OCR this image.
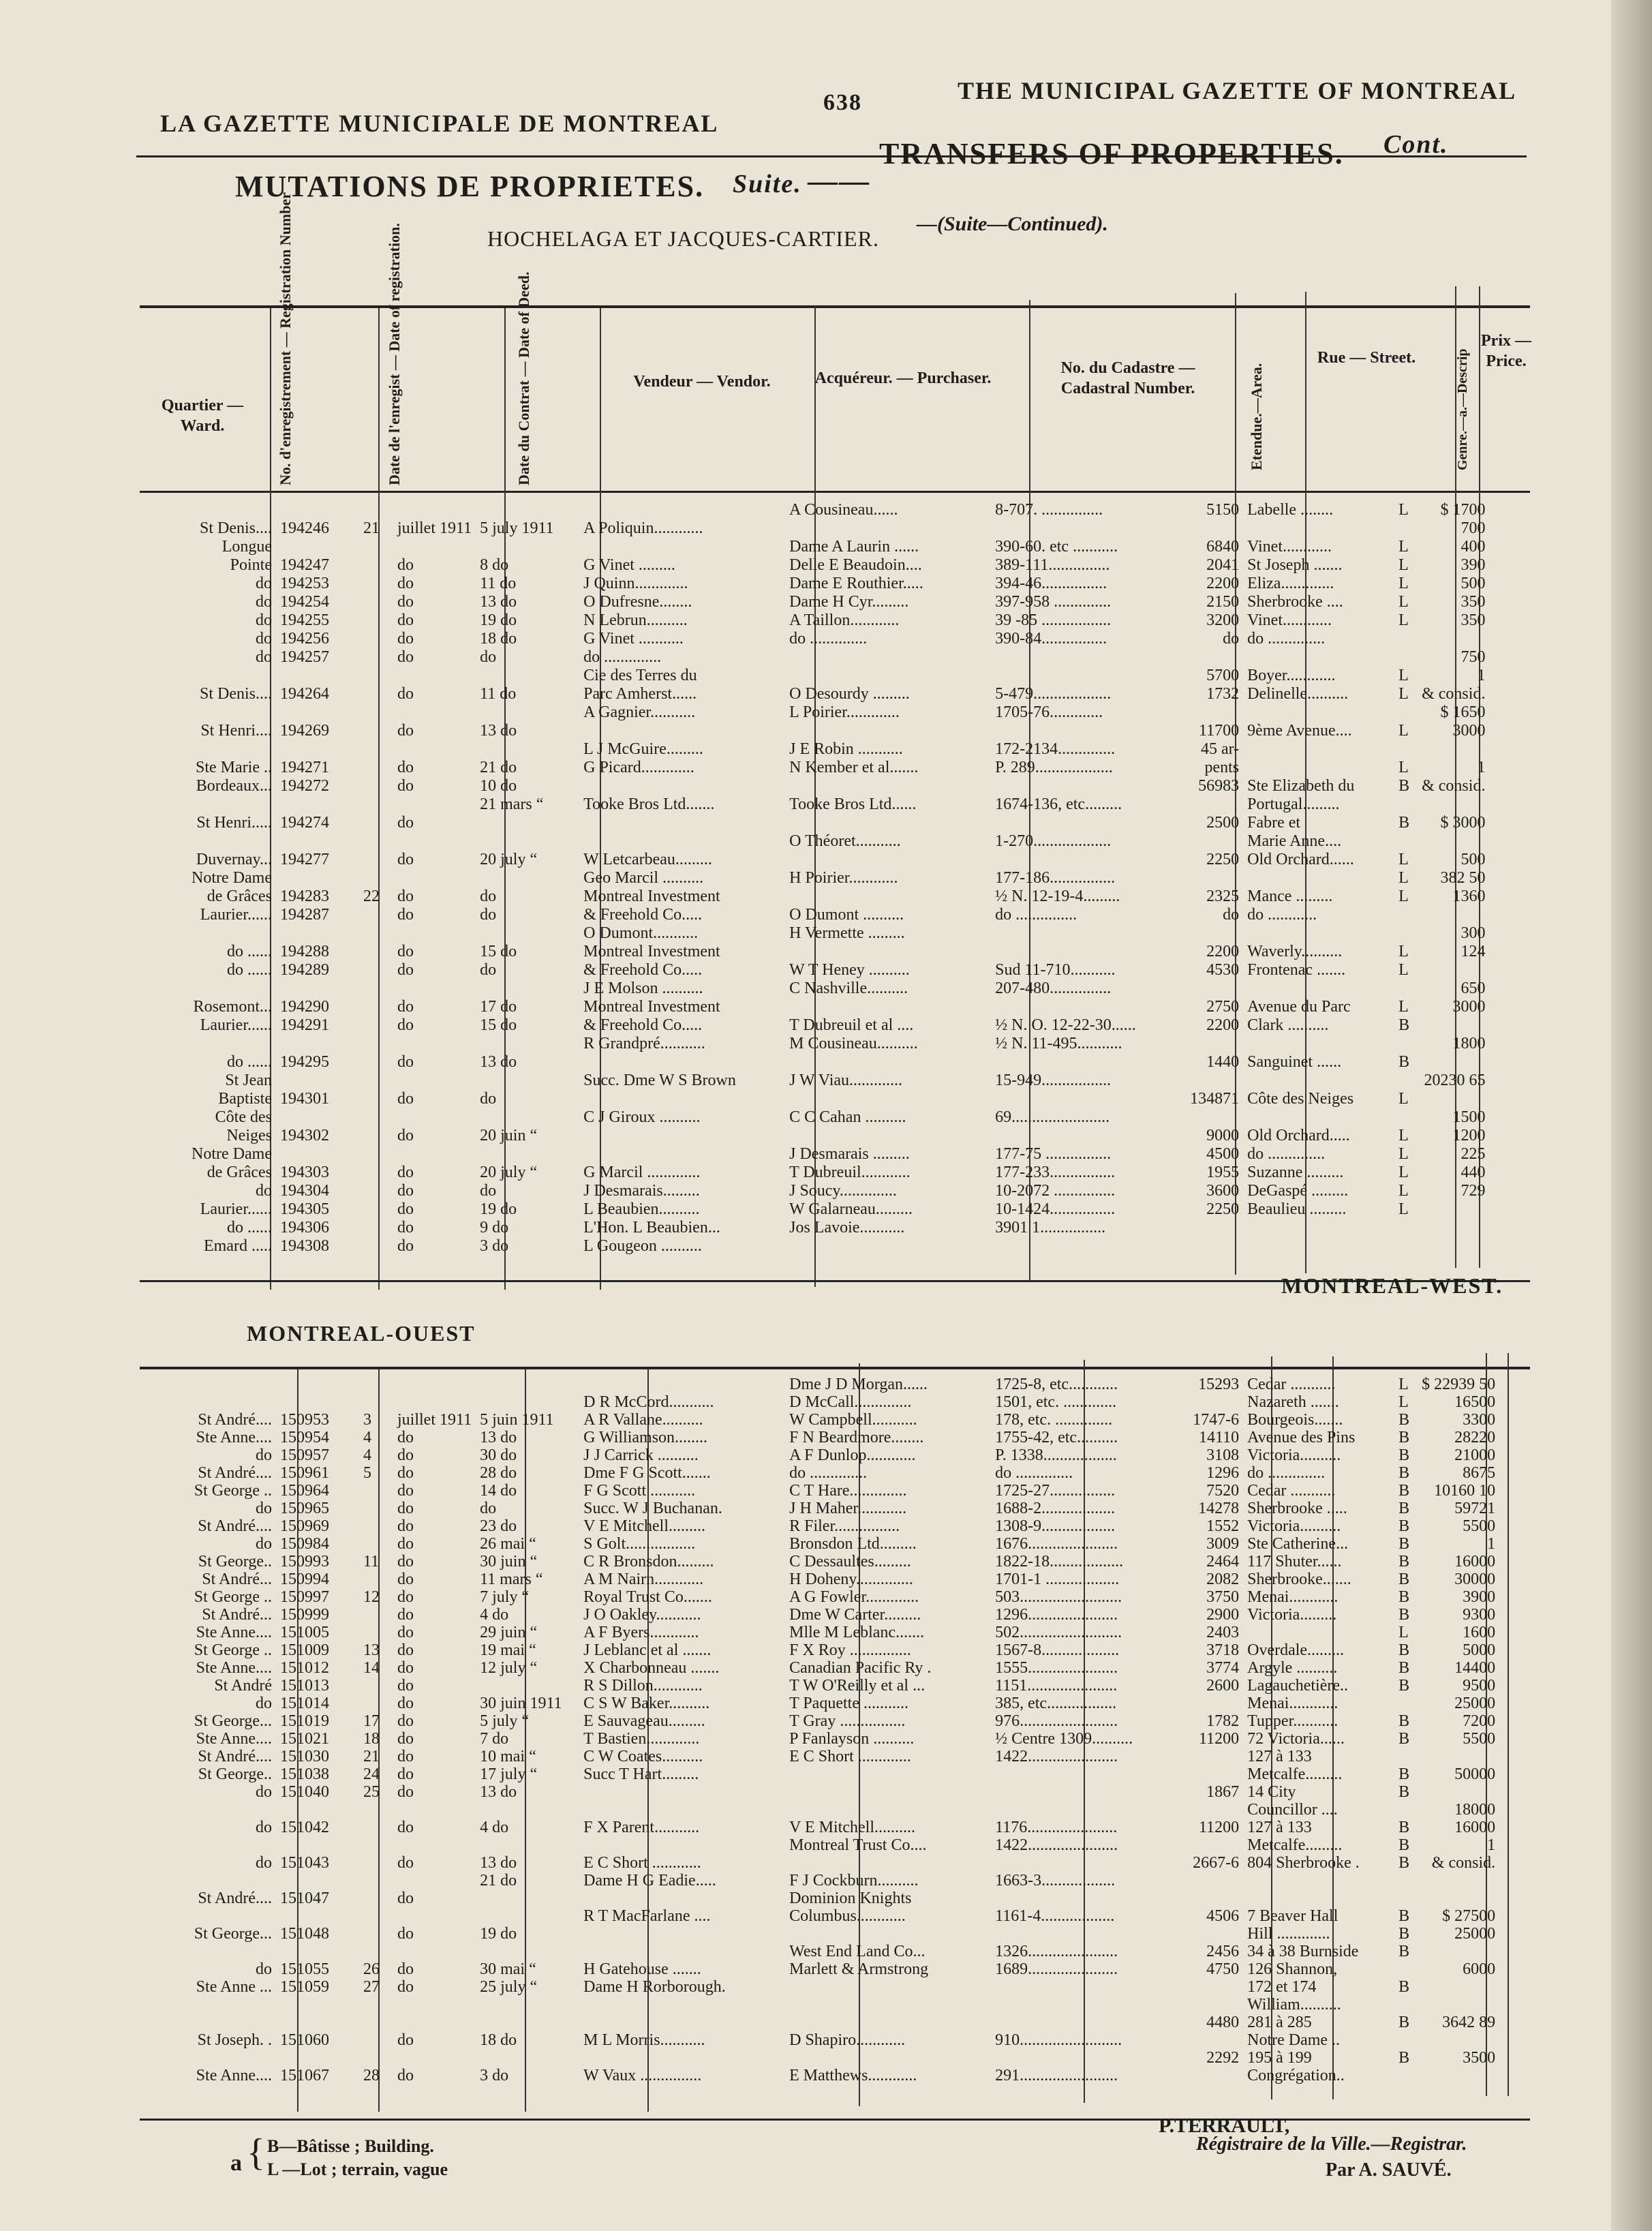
LA GAZETTE MUNICIPALE DE MONTREAL
638	THE MUNICIPAL GAZETTE OF MONTREAL
MUTATIONS DE PROPRIETES. Suite. ——
TRANSFERS OF PROPERTIES. Cont.
HOCHELAGA ET JACQUES-CARTIER.
—(Suite—Continued).
Quartier — Ward.	No. d'enregistrement — Registration Number	Date de l'enregist — Date of registration.	Date du Contrat — Date of Deed.	Vendeur — Vendor.	Acquéreur. — Purchaser.
No. du Cadastre — Cadastral Number.	Etendue.—Area.
Rue — Street.	Genre.—a.—Descrip
Prix — Price.
						A Cousineau......	8-707. ...............	5150	Labelle ........	L	$ 1700
St Denis....	194246	21	juillet 1911	5 july 1911	A Poliquin............						700
Longue						Dame A Laurin ......	390-60. etc ...........	6840	Vinet............	L	400
Pointe	194247		do	8 do	G Vinet .........	Delle E Beaudoin....	389-111...............	2041	St Joseph .......	L	390
do	194253		do	11 do	J Quinn.............	Dame E Routhier.....	394-46................	2200	Eliza.............	L	500
do	194254		do	13 do	O Dufresne........	Dame H Cyr.........	397-958 ..............	2150	Sherbrooke ....	L	350
do	194255		do	19 do	N Lebrun..........	A Taillon............	39 -85 .................	3200	Vinet............	L	350
do	194256		do	18 do	G Vinet ...........	do ..............	390-84................	do	do ..............		
do	194257		do	do	do ..............						750
					Cie des Terres du			5700	Boyer............	L	1
St Denis....	194264		do	11 do	Parc Amherst......	O Desourdy .........	5-479...................	1732	Delinelle..........	L	& consid.
					A Gagnier...........	L Poirier.............	1705-76.............				$ 1650
St Henri....	194269		do	13 do				11700	9ème Avenue....	L	3000
					L J McGuire.........	J E Robin ...........	172-2134..............	45 ar-			
Ste Marie ..	194271		do	21 do	G Picard.............	N Kember et al.......	P. 289...................	pents		L	1
Bordeaux...	194272		do	10 do				56983	Ste Elizabeth du	B	& consid.
				21 mars “	Tooke Bros Ltd.......	Tooke Bros Ltd......	1674-136, etc.........		Portugal.........		
St Henri.....	194274		do					2500	Fabre et	B	$ 3000
						O Théoret...........	1-270...................		Marie Anne....		
Duvernay...	194277		do	20 july “	W Letcarbeau.........			2250	Old Orchard......	L	500
Notre Dame					Geo Marcil ..........	H Poirier............	177-186................			L	382 50
de Grâces	194283	22	do	do	Montreal Investment		½ N. 12-19-4.........	2325	Mance .........	L	1360
Laurier......	194287		do	do	& Freehold Co.....	O Dumont ..........	do ...............	do	do ............		
					O Dumont...........	H Vermette .........					300
do ......	194288		do	15 do	Montreal Investment			2200	Waverly..........	L	124
do ......	194289		do	do	& Freehold Co.....	W T Heney ..........	Sud 11-710...........	4530	Frontenac .......	L	
					J E Molson ..........	C Nashville..........	207-480...............				650
Rosemont...	194290		do	17 do	Montreal Investment			2750	Avenue du Parc	L	3000
Laurier......	194291		do	15 do	& Freehold Co.....	T Dubreuil et al ....	½ N. O. 12-22-30......	2200	Clark ..........	B	
					R Grandpré...........	M Cousineau..........	½ N. 11-495...........				1800
do ......	194295		do	13 do				1440	Sanguinet ......	B	
St Jean					Succ. Dme W S Brown	J W Viau.............	15-949.................				20230 65
Baptiste	194301		do	do				134871	Côte des Neiges	L	
Côte des					C J Giroux ..........	C C Cahan ..........	69........................				1500
Neiges	194302		do	20 juin “				9000	Old Orchard.....	L	1200
Notre Dame						J Desmarais .........	177-75 ................	4500	do ..............	L	225
de Grâces	194303		do	20 july “	G Marcil .............	T Dubreuil............	177-233................	1955	Suzanne .........	L	440
do	194304		do	do	J Desmarais.........	J Soucy..............	10-2072 ...............	3600	DeGaspé .........	L	729
Laurier......	194305		do	19 do	L Beaubien..........	W Galarneau.........	10-1424................	2250	Beaulieu .........	L	
do ......	194306		do	9 do	L'Hon. L Beaubien...	Jos Lavoie...........	3901 1................				
Emard .....	194308		do	3 do	L Gougeon ..........						
MONTREAL-WEST.
MONTREAL-OUEST
						Dme J D Morgan......	1725-8, etc............	15293	Cedar ...........	L	$ 22939 50
					D R McCord...........	D McCall..............	1501, etc. .............		Nazareth .......	L	16500
St André....	150953	3	juillet 1911	5 juin 1911	A R Vallane..........	W Campbell...........	178, etc. ..............	1747-6	Bourgeois.......	B	3300
Ste Anne....	150954	4	do	13 do	G Williamson........	F N Beardmore........	1755-42, etc..........	14110	Avenue des Pins	B	28220
do	150957	4	do	30 do	J J Carrick ..........	A F Dunlop............	P. 1338..................	3108	Victoria..........	B	21000
St André....	150961	5	do	28 do	Dme F G Scott.......	do ..............	do ..............	1296	do ..............	B	8675
St George ..	150964		do	14 do	F G Scott ...........	C T Hare..............	1725-27................	7520	Cedar ...........	B	10160 10
do	150965		do	do	Succ. W J Buchanan.	J H Maher............	1688-2..................	14278	Sherbrooke .....	B	59721
St André....	150969		do	23 do	V E Mitchell.........	R Filer................	1308-9..................	1552	Victoria..........	B	5500
do	150984		do	26 mai “	S Golt.................	Bronsdon Ltd.........	1676......................	3009	Ste Catherine...	B	1
St George..	150993	11	do	30 juin “	C R Bronsdon.........	C Dessaultes.........	1822-18..................	2464	117 Shuter......	B	16000
St André...	150994		do	11 mars “	A M Nairn............	H Doheny..............	1701-1 ..................	2082	Sherbrooke.......	B	30000
St George ..	150997	12	do	7 july “	Royal Trust Co.......	A G Fowler.............	503.........................	3750	Menai............	B	3900
St André...	150999		do	4 do	J O Oakley...........	Dme W Carter.........	1296......................	2900	Victoria.........	B	9300
Ste Anne....	151005		do	29 juin “	A F Byers............	Mlle M Leblanc.......	502.........................	2403		L	1600
St George ..	151009	13	do	19 mai “	J Leblanc et al .......	F X Roy ...............	1567-8...................	3718	Overdale.........	B	5000
Ste Anne....	151012	14	do	12 july “	X Charbonneau .......	Canadian Pacific Ry .	1555......................	3774	Argyle ..........	B	14400
St André	151013		do		R S Dillon............	T W O'Reilly et al ...	1151......................	2600	Lagauchetière..	B	9500
do	151014		do	30 juin 1911	C S W Baker..........	T Paquette ...........	385, etc.................		Menai............		25000
St George...	151019	17	do	5 july “	E Sauvageau.........	T Gray ................	976........................	1782	Tupper...........	B	7200
Ste Anne....	151021	18	do	7 do	T Bastien.............	P Fanlayson ..........	½ Centre 1309..........	11200	72 Victoria......	B	5500
St André....	151030	21	do	10 mai “	C W Coates..........	E C Short .............	1422......................		127 à 133		
St George..	151038	24	do	17 july “	Succ T Hart.........				Metcalfe.........	B	50000
do	151040	25	do	13 do				1867	14 City	B	
									Councillor ....		18000
do	151042		do	4 do	F X Parent...........	V E Mitchell..........	1176......................	11200	127 à 133	B	16000
						Montreal Trust Co....	1422......................		Metcalfe.........	B	1
do	151043		do	13 do	E C Short ............			2667-6	804 Sherbrooke .	B	& consid.
				21 do	Dame H G Eadie.....	F J Cockburn..........	1663-3..................				
St André....	151047		do			Dominion Knights					
					R T MacFarlane ....	Columbus............	1161-4..................	4506	7 Beaver Hall	B	$ 27500
St George...	151048		do	19 do					Hill .............	B	25000
						West End Land Co...	1326......................	2456	34 à 38 Burnside	B	
do	151055	26	do	30 mai “	H Gatehouse .......	Marlett & Armstrong	1689......................	4750	126 Shannon,		6000
Ste Anne ...	151059	27	do	25 july “	Dame H Rorborough.				172 et 174	B	
									William..........		
								4480	281 à 285	B	3642 89
St Joseph. .	151060		do	18 do	M L Morris...........	D Shapiro............	910.........................		Notre Dame ..		
								2292	195 à 199	B	3500
Ste Anne....	151067	28	do	3 do	W Vaux ...............	E Matthews............	291........................		Congrégation..		
a { B—Bâtisse ; Building.
L —Lot ; terrain, vague
P.TERRAULT,
Régistraire de la Ville.—Registrar.
Par A. SAUVÉ.
